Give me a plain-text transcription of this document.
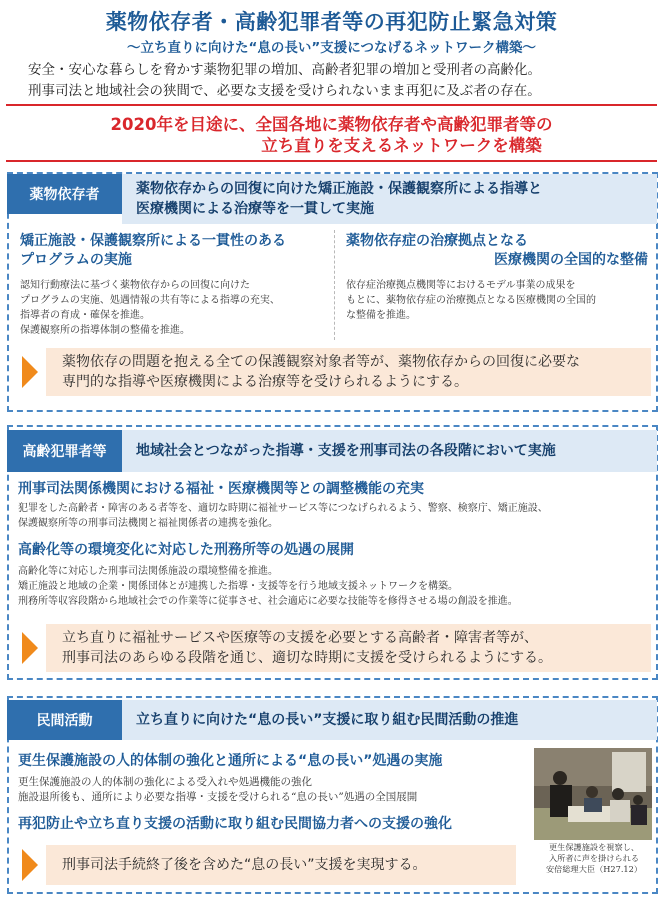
薬物依存者・高齢犯罪者等の再犯防止緊急対策
～立ち直りに向けた“息の長い”支援につなげるネットワーク構築～
安全・安心な暮らしを脅かす薬物犯罪の増加、高齢者犯罪の増加と受刑者の高齢化。
刑事司法と地域社会の狭間で、必要な支援を受けられないまま再犯に及ぶ者の存在。
2020年を目途に、全国各地に薬物依存者や高齢犯罪者等の
立ち直りを支えるネットワークを構築
薬物依存者	薬物依存からの回復に向けた矯正施設・保護観察所による指導と
医療機関による治療等を一貫して実施
矯正施設・保護観察所による一貫性のある
プログラムの実施
認知行動療法に基づく薬物依存からの回復に向けた
プログラムの実施、処遇情報の共有等による指導の充実、
指導者の育成・確保を推進。
保護観察所の指導体制の整備を推進。
薬物依存症の治療拠点となる
医療機関の全国的な整備
依存症治療拠点機関等におけるモデル事業の成果を
もとに、薬物依存症の治療拠点となる医療機関の全国的
な整備を推進。
薬物依存の問題を抱える全ての保護観察対象者等が、薬物依存からの回復に必要な
専門的な指導や医療機関による治療等を受けられるようにする。
高齢犯罪者等	地域社会とつながった指導・支援を刑事司法の各段階において実施
刑事司法関係機関における福祉・医療機関等との調整機能の充実
犯罪をした高齢者・障害のある者等を、適切な時期に福祉サービス等につなげられるよう、警察、検察庁、矯正施設、
保護観察所等の刑事司法機関と福祉関係者の連携を強化。
高齢化等の環境変化に対応した刑務所等の処遇の展開
高齢化等に対応した刑事司法関係施設の環境整備を推進。
矯正施設と地域の企業・関係団体とが連携した指導・支援等を行う地域支援ネットワークを構築。
刑務所等収容段階から地域社会での作業等に従事させ、社会適応に必要な技能等を修得させる場の創設を推進。
立ち直りに福祉サービスや医療等の支援を必要とする高齢者・障害者等が、
刑事司法のあらゆる段階を通じ、適切な時期に支援を受けられるようにする。
民間活動	立ち直りに向けた“息の長い”支援に取り組む民間活動の推進
更生保護施設の人的体制の強化と通所による“息の長い”処遇の実施
更生保護施設の人的体制の強化による受入れや処遇機能の強化
施設退所後も、通所により必要な指導・支援を受けられる“息の長い”処遇の全国展開
再犯防止や立ち直り支援の活動に取り組む民間協力者への支援の強化
刑事司法手続終了後を含めた“息の長い”支援を実現する。
更生保護施設を視察し、
入所者に声を掛けられる
安倍総理大臣（H27.12）
